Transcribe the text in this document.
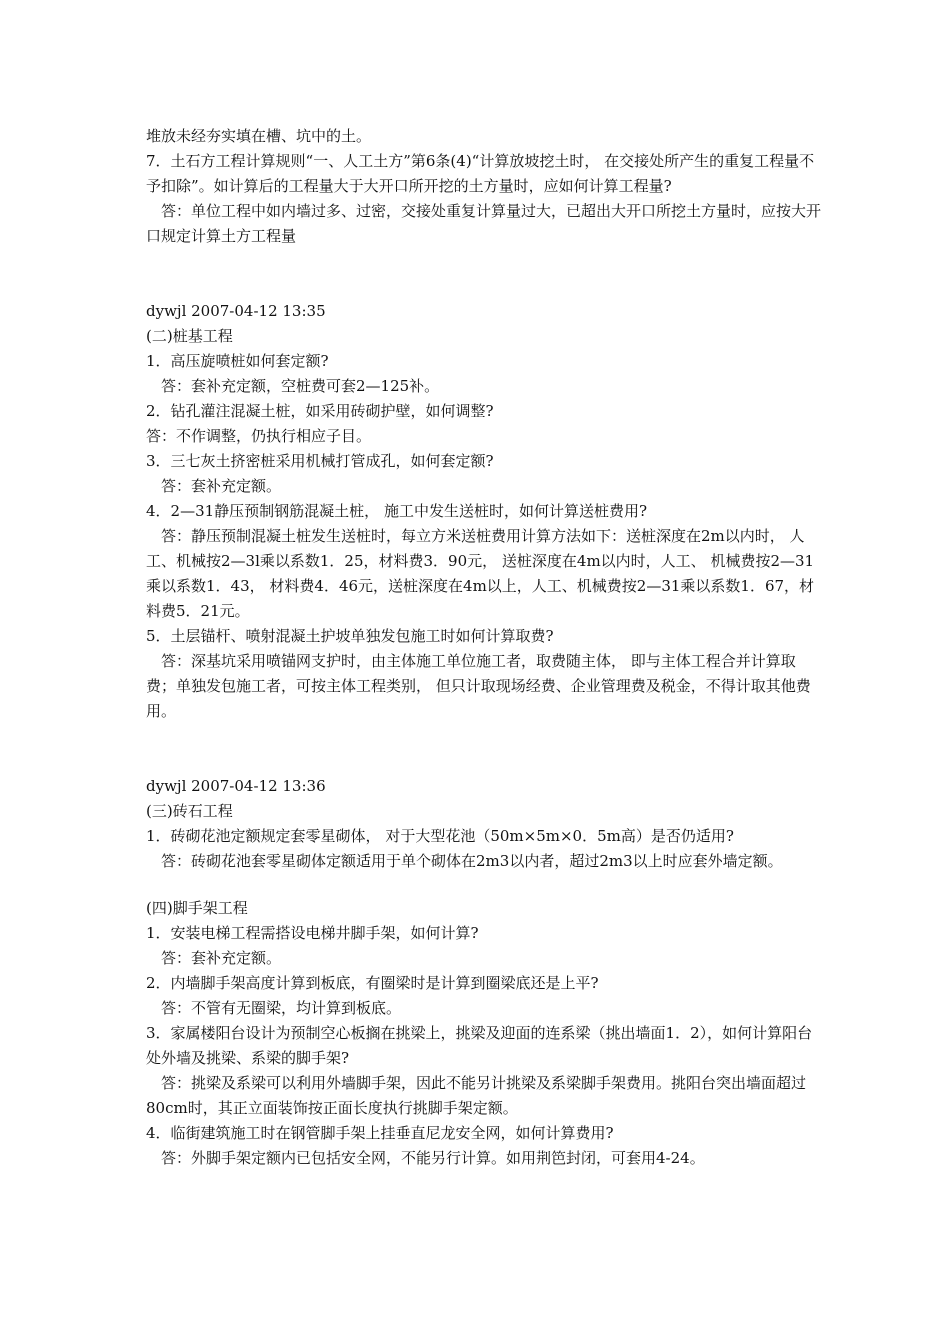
堆放未经夯实填在槽、坑中的土。

7．土石方工程计算规则“一、人工土方”第6条(4)“计算放坡挖土时， 在交接处所产生的重复工程量不予扣除”。如计算后的工程量大于大开口所开挖的土方量时，应如何计算工程量?

答：单位工程中如内墙过多、过密，交接处重复计算量过大，已超出大开口所挖土方量时，应按大开口规定计算土方工程量

dywjl 2007-04-12 13:35

(二)桩基工程

1．高压旋喷桩如何套定额?

答：套补充定额，空桩费可套2—125补。

2．钻孔灌注混凝土桩，如采用砖砌护壁，如何调整?

答：不作调整，仍执行相应子目。

3．三七灰土挤密桩采用机械打管成孔，如何套定额?

答：套补充定额。

4．2—31静压预制钢筋混凝土桩， 施工中发生送桩时，如何计算送桩费用?

答：静压预制混凝土桩发生送桩时，每立方米送桩费用计算方法如下：送桩深度在2m以内时， 人工、机械按2—3l乘以系数1．25，材料费3．90元， 送桩深度在4m以内时，人工、 机械费按2—31乘以系数1．43， 材料费4．46元，送桩深度在4m以上，人工、机械费按2—31乘以系数1．67，材料费5．21元。

5．土层锚杆、喷射混凝土护坡单独发包施工时如何计算取费?

答：深基坑采用喷锚网支护时，由主体施工单位施工者，取费随主体， 即与主体工程合并计算取费；单独发包施工者，可按主体工程类别， 但只计取现场经费、企业管理费及税金，不得计取其他费用。

dywjl 2007-04-12 13:36

(三)砖石工程

1．砖砌花池定额规定套零星砌体， 对于大型花池（50m×5m×0．5m高）是否仍适用?

答：砖砌花池套零星砌体定额适用于单个砌体在2m3以内者，超过2m3以上时应套外墙定额。

(四)脚手架工程

1．安装电梯工程需搭设电梯井脚手架，如何计算?

答：套补充定额。

2．内墙脚手架高度计算到板底，有圈梁时是计算到圈梁底还是上平?

答：不管有无圈梁，均计算到板底。

3．家属楼阳台设计为预制空心板搁在挑梁上，挑梁及迎面的连系梁（挑出墙面1．2），如何计算阳台处外墙及挑梁、系梁的脚手架?

答：挑梁及系梁可以利用外墙脚手架，因此不能另计挑梁及系梁脚手架费用。挑阳台突出墙面超过80cm时，其正立面装饰按正面长度执行挑脚手架定额。

4．临街建筑施工时在钢管脚手架上挂垂直尼龙安全网，如何计算费用?

答：外脚手架定额内已包括安全网，不能另行计算。如用荆笆封闭，可套用4-24。
